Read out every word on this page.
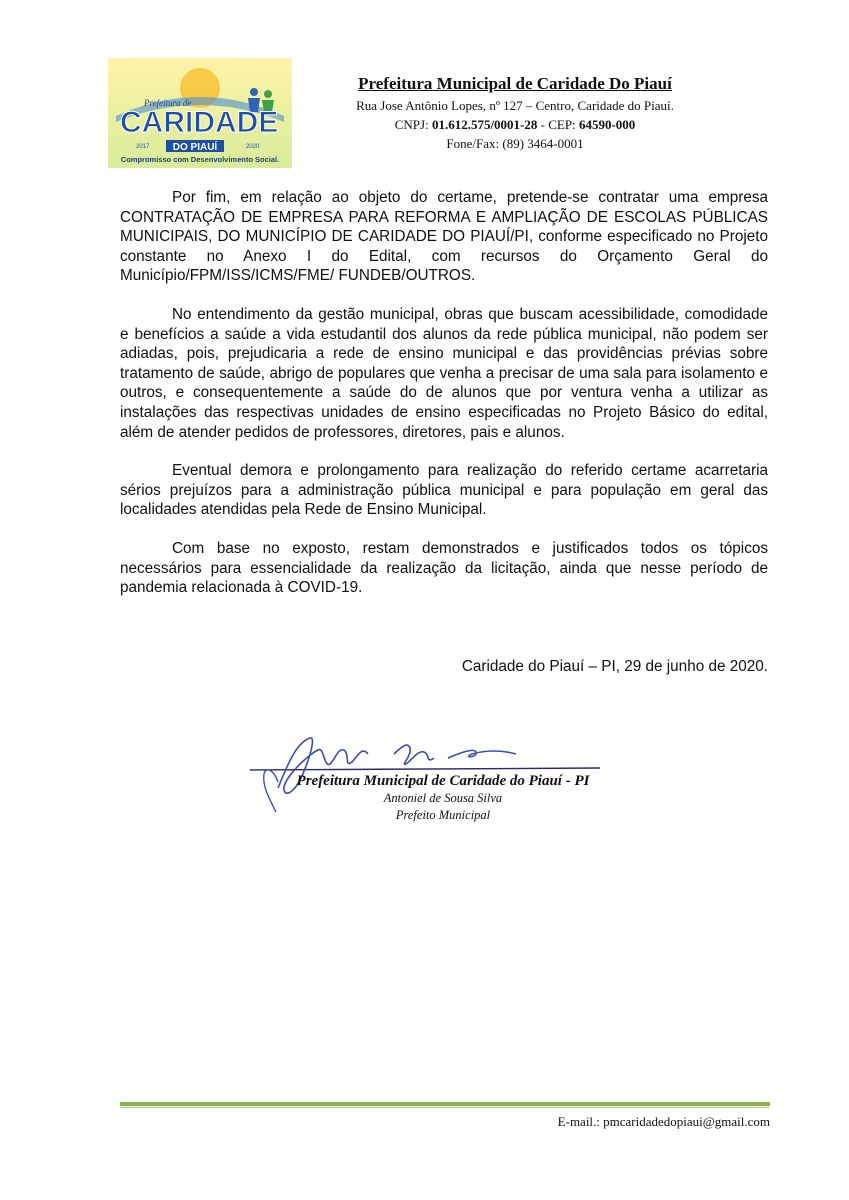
Prefeitura de
CARIDADE
DO PIAUÍ
2017	2020
Compromisso com Desenvolvimento Social.
Prefeitura Municipal de Caridade Do Piauí
Rua Jose Antônio Lopes, nº 127 – Centro, Caridade do Piauí.
CNPJ: 01.612.575/0001-28 - CEP: 64590-000
Fone/Fax: (89) 3464-0001

Por fim, em relação ao objeto do certame, pretende-se contratar uma empresa CONTRATAÇÃO DE EMPRESA PARA REFORMA E AMPLIAÇÃO DE ESCOLAS PÚBLICAS MUNICIPAIS, DO MUNICÍPIO DE CARIDADE DO PIAUÍ/PI, conforme especificado no Projeto constante no Anexo I do Edital, com recursos do Orçamento Geral do Município/FPM/ISS/ICMS/FME/ FUNDEB/OUTROS.

No entendimento da gestão municipal, obras que buscam acessibilidade, comodidade e benefícios a saúde a vida estudantil dos alunos da rede pública municipal, não podem ser adiadas, pois, prejudicaria a rede de ensino municipal e das providências prévias sobre tratamento de saúde, abrigo de populares que venha a precisar de uma sala para isolamento e outros, e consequentemente a saúde do de alunos que por ventura venha a utilizar as instalações das respectivas unidades de ensino especificadas no Projeto Básico do edital, além de atender pedidos de professores, diretores, pais e alunos.

Eventual demora e prolongamento para realização do referido certame acarretaria sérios prejuízos para a administração pública municipal e para população em geral das localidades atendidas pela Rede de Ensino Municipal.

Com base no exposto, restam demonstrados e justificados todos os tópicos necessários para essencialidade da realização da licitação, ainda que nesse período de pandemia relacionada à COVID-19.

Caridade do Piauí – PI, 29 de junho de 2020.
Prefeitura Municipal de Caridade do Piauí - PI
Antoniel de Sousa Silva
Prefeito Municipal
E-mail.: pmcaridadedopiaui@gmail.com
